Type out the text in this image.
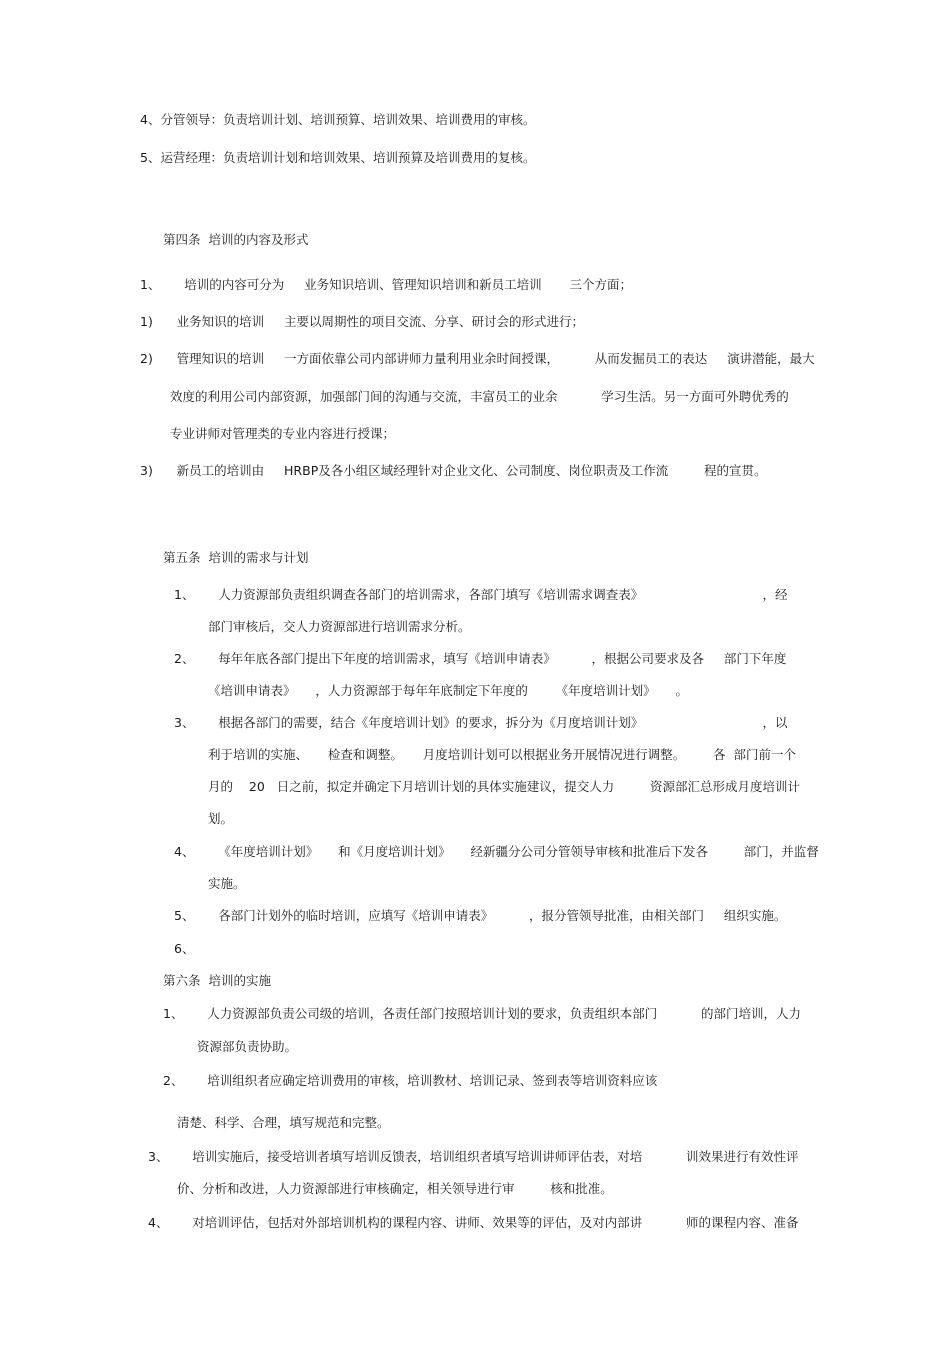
4、分管领导：负责培训计划、培训预算、培训效果、培训费用的审核。
5、运营经理：负责培训计划和培训效果、培训预算及培训费用的复核。
第四条  培训的内容及形式
1、      培训的内容可分为     业务知识培训、管理知识培训和新员工培训       三个方面；
1)      业务知识的培训     主要以周期性的项目交流、分享、研讨会的形式进行；
2)      管理知识的培训     一方面依靠公司内部讲师力量利用业余时间授课，         从而发掘员工的表达     演讲潜能，最大
效度的利用公司内部资源，加强部门间的沟通与交流，丰富员工的业余           学习生活。另一方面可外聘优秀的
专业讲师对管理类的专业内容进行授课；
3)      新员工的培训由     HRBP及各小组区域经理针对企业文化、公司制度、岗位职责及工作流         程的宣贯。
第五条  培训的需求与计划
1、      人力资源部负责组织调查各部门的培训需求，各部门填写《培训需求调查表》                              ，经
部门审核后，交人力资源部进行培训需求分析。
2、      每年年底各部门提出下年度的培训需求，填写《培训申请表》         ，根据公司要求及各     部门下年度
《培训申请表》     ，人力资源部于每年年底制定下年度的       《年度培训计划》     。
3、      根据各部门的需要，结合《年度培训计划》的要求，拆分为《月度培训计划》                              ，以
利于培训的实施、     检查和调整。     月度培训计划可以根据业务开展情况进行调整。       各  部门前一个
月的    20   日之前，拟定并确定下月培训计划的具体实施建议，提交人力         资源部汇总形成月度培训计
划。
4、      《年度培训计划》     和《月度培训计划》     经新疆分公司分管领导审核和批准后下发各         部门，并监督
实施。
5、      各部门计划外的临时培训，应填写《培训申请表》         ，报分管领导批准，由相关部门     组织实施。
6、
第六条  培训的实施
1、      人力资源部负责公司级的培训，各责任部门按照培训计划的要求，负责组织本部门           的部门培训，人力
资源部负责协助。
2、      培训组织者应确定培训费用的审核，培训教材、培训记录、签到表等培训资料应该
清楚、科学、合理，填写规范和完整。
3、      培训实施后，接受培训者填写培训反馈表，培训组织者填写培训讲师评估表，对培           训效果进行有效性评
价、分析和改进，人力资源部进行审核确定，相关领导进行审         核和批准。
4、      对培训评估，包括对外部培训机构的课程内容、讲师、效果等的评估，及对内部讲           师的课程内容、准备
